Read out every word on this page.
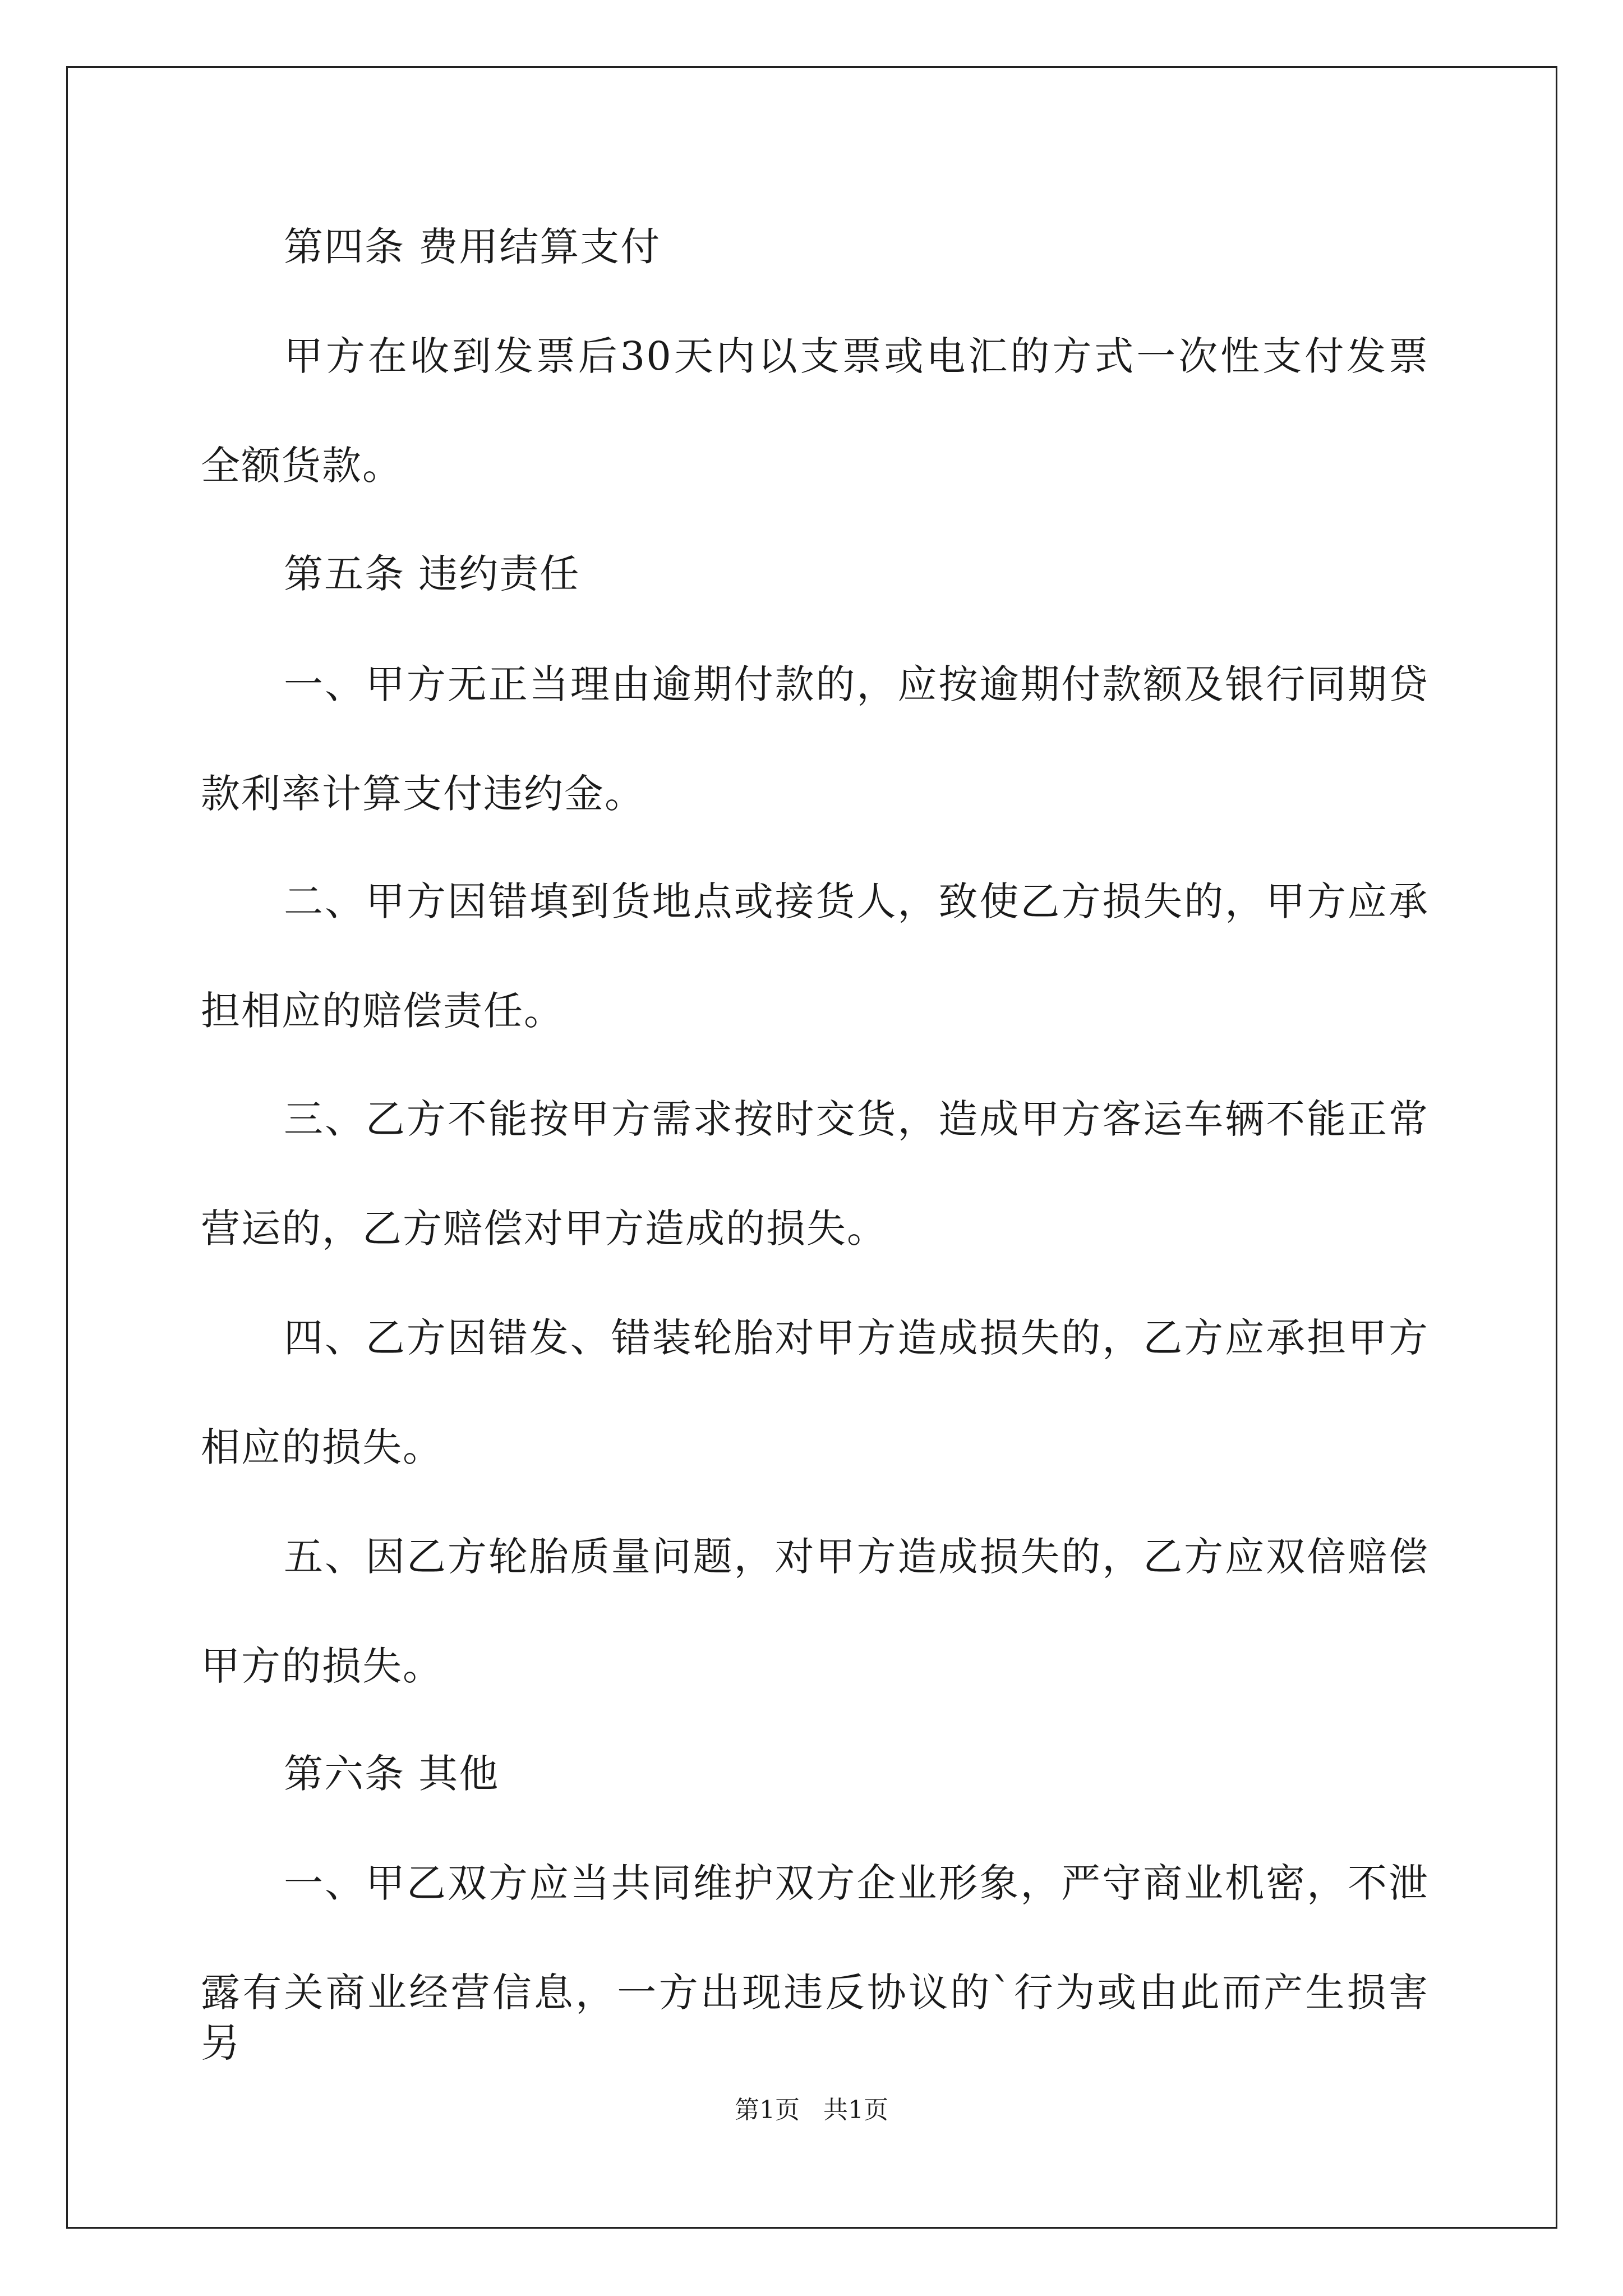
第四条 费用结算支付
甲方在收到发票后30天内以支票或电汇的方式一次性支付发票
全额货款。
第五条 违约责任
一、甲方无正当理由逾期付款的，应按逾期付款额及银行同期贷
款利率计算支付违约金。
二、甲方因错填到货地点或接货人，致使乙方损失的，甲方应承
担相应的赔偿责任。
三、乙方不能按甲方需求按时交货，造成甲方客运车辆不能正常
营运的，乙方赔偿对甲方造成的损失。
四、乙方因错发、错装轮胎对甲方造成损失的，乙方应承担甲方
相应的损失。
五、因乙方轮胎质量问题，对甲方造成损失的，乙方应双倍赔偿
甲方的损失。
第六条 其他
一、甲乙双方应当共同维护双方企业形象，严守商业机密，不泄
露有关商业经营信息，一方出现违反协议的`行为或由此而产生损害另
第1页 共1页
